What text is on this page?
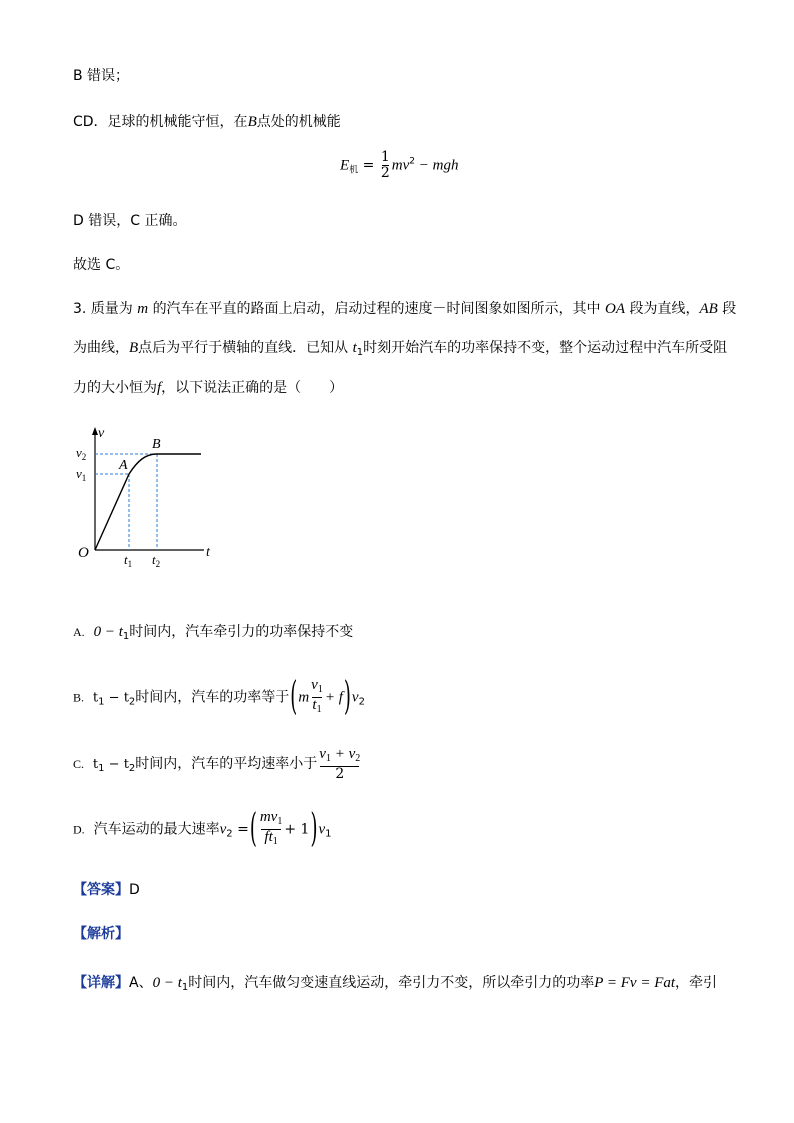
B 错误；
CD．足球的机械能守恒，在B点处的机械能
$E_机 = \frac{1}{2} mv^2$ − mgh
D 错误，C 正确。
故选 C。
3. 质量为 m 的汽车在平直的路面上启动，启动过程的速度－时间图象如图所示，其中 OA 段为直线，AB 段
为曲线，B点后为平行于横轴的直线．已知从 $t_1$时刻开始汽车的功率保持不变，整个运动过程中汽车所受阻
力的大小恒为f，以下说法正确的是（　　）
v
t
O
A
B
$v_2$
$v_1$
$t_1$ $t_2$
A. $0 - t_1$时间内，汽车牵引力的功率保持不变
B. $t_1 - t_2$时间内，汽车的功率等于$(m \frac{v_1}{t_1} + f)v_2$
C. $t_1 - t_2$时间内，汽车的平均速率小于 $\frac{v_1 + v_2}{2}$
D. 汽车运动的最大速率$v_2$ =( $\frac{mv_1}{ft_1} + 1)v_1$
【答案】D
【解析】
【详解】A、$0 - t_1$时间内，汽车做匀变速直线运动，牵引力不变，所以牵引力的功率P = Fv = Fat，牵引
